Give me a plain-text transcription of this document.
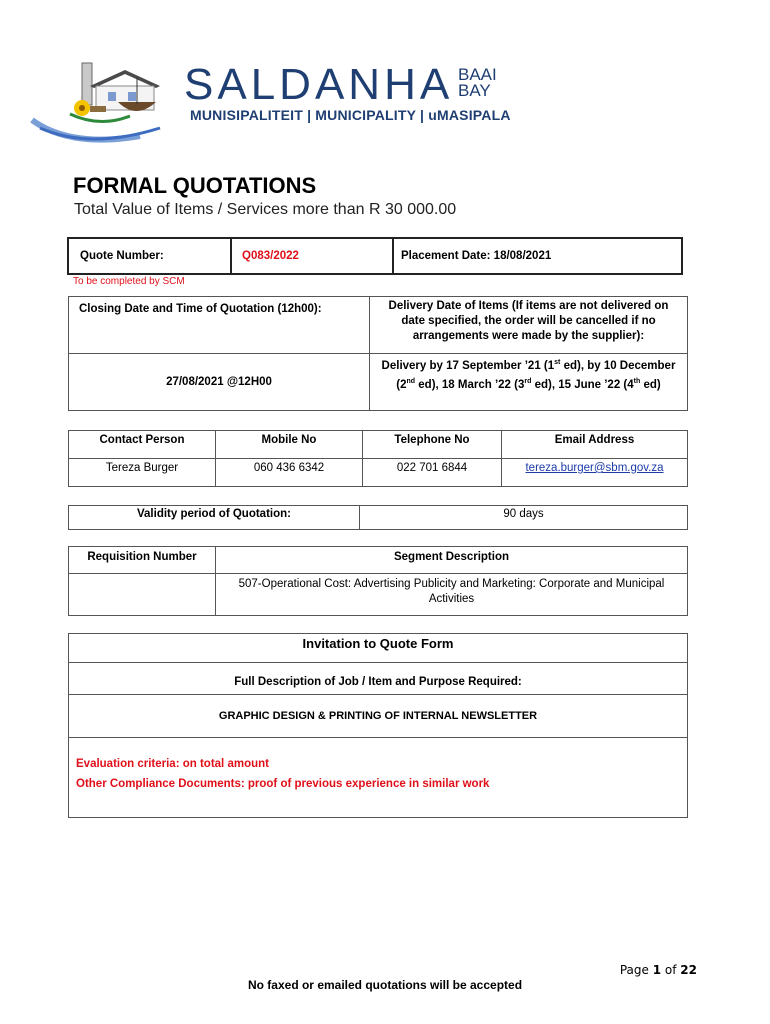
SALDANHA BAAI
BAY
MUNISIPALITEIT | MUNICIPALITY | uMASIPALA
FORMAL QUOTATIONS
Total Value of Items / Services more than R 30 000.00
Quote Number:	Q083/2022	Placement Date: 18/08/2021
To be completed by SCM
Closing Date and Time of Quotation (12h00):	Delivery Date of Items (If items are not delivered on date specified, the order will be cancelled if no arrangements were made by the supplier):
27/08/2021 @12H00	Delivery by 17 September ’21 (1st ed), by 10 December (2nd ed), 18 March ’22 (3rd ed), 15 June ’22 (4th ed)
Contact Person	Mobile No	Telephone No	Email Address
Tereza Burger	060 436 6342	022 701 6844	tereza.burger@sbm.gov.za
Validity period of Quotation:	90 days
Requisition Number	Segment Description
	507-Operational Cost: Advertising Publicity and Marketing: Corporate and Municipal Activities
Invitation to Quote Form
Full Description of Job / Item and Purpose Required:
GRAPHIC DESIGN & PRINTING OF INTERNAL NEWSLETTER

Evaluation criteria: on total amount
Other Compliance Documents: proof of previous experience in similar work
Page 1 of 22
No faxed or emailed quotations will be accepted
